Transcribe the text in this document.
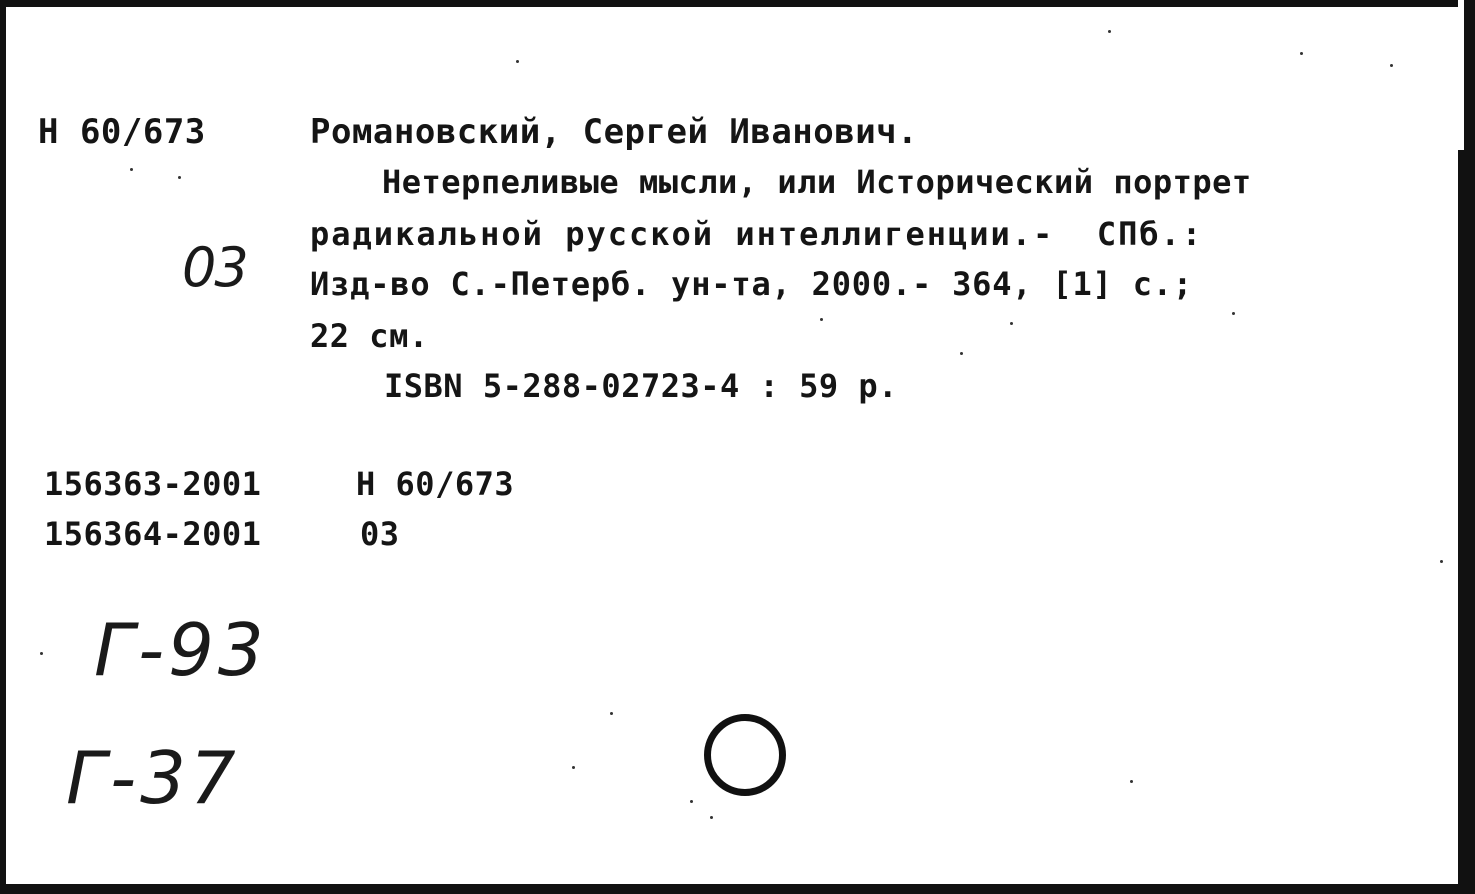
Н 60/673	Романовский, Сергей Иванович.
Нетерпеливые мысли, или Исторический портрет
радикальной русской интеллигенции.-  СПб.:
Изд-во С.-Петерб. ун-та, 2000.- 364, [1] с.;
22 см.
ISBN 5-288-02723-4 : 59 р.
03
156363-2001	Н 60/673
156364-2001	03
Г-93
Г-37
